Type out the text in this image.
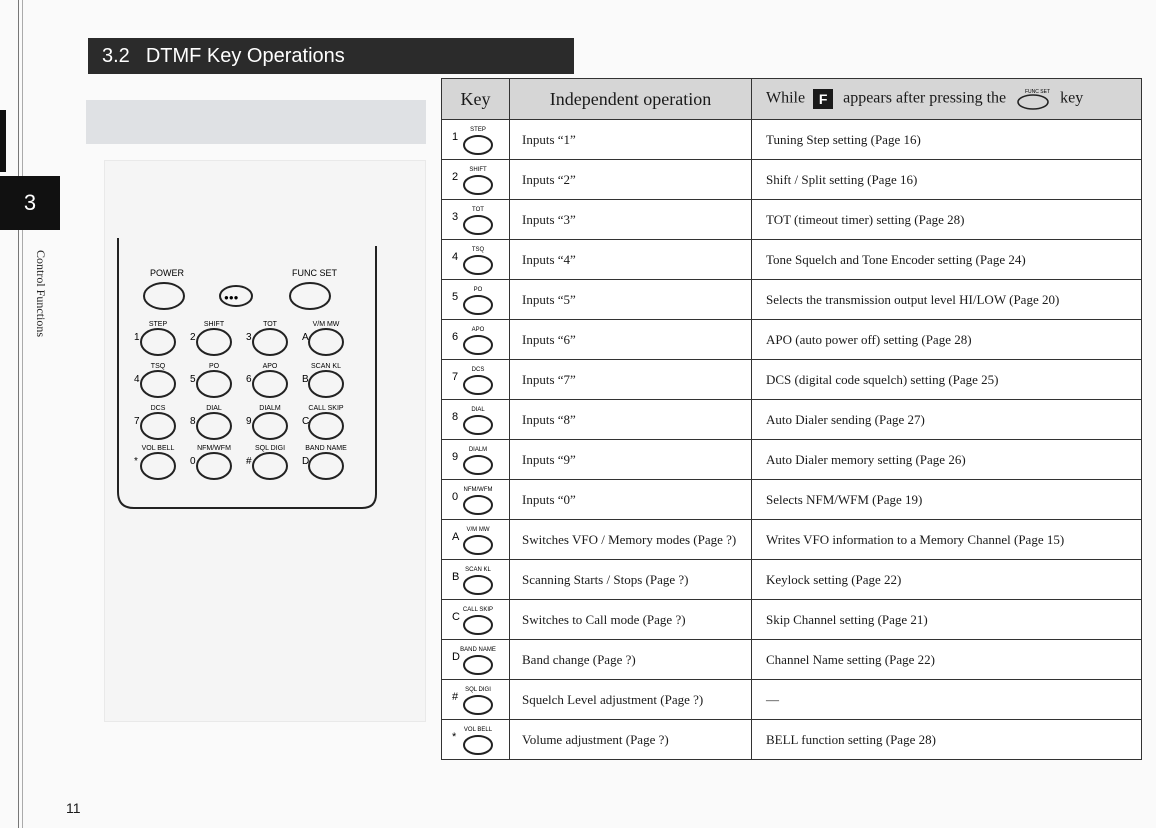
3
Control Functions
3.2 DTMF Key Operations
POWER
●●●
FUNC SET
STEP
1
SHIFT
2
TOT
3
V/M MW
A
TSQ
4
PO
5
APO
6
SCAN KL
B
DCS
7
DIAL
8
DIALM
9
CALL SKIP
C
VOL BELL
*
NFM/WFM
0
SQL DIGI
#
BAND NAME
D
11
Key	Independent operation	While F appears after pressing the FUNC SET key

1
STEP	Inputs “1”	Tuning Step setting (Page 16)

2
SHIFT	Inputs “2”	Shift / Split setting (Page 16)

3
TOT	Inputs “3”	TOT (timeout timer) setting (Page 28)

4
TSQ	Inputs “4”	Tone Squelch and Tone Encoder setting (Page 24)

5
PO	Inputs “5”	Selects the transmission output level HI/LOW (Page 20)

6
APO	Inputs “6”	APO (auto power off) setting (Page 28)

7
DCS	Inputs “7”	DCS (digital code squelch) setting (Page 25)

8
DIAL	Inputs “8”	Auto Dialer sending (Page 27)

9
DIALM	Inputs “9”	Auto Dialer memory setting (Page 26)

0
NFM/WFM	Inputs “0”	Selects NFM/WFM (Page 19)

A
V/M MW	Switches VFO / Memory modes (Page ?)	Writes VFO information to a Memory Channel (Page 15)

B
SCAN KL	Scanning Starts / Stops (Page ?)	Keylock setting (Page 22)

C
CALL SKIP	Switches to Call mode (Page ?)	Skip Channel setting (Page 21)

D
BAND NAME	Band change (Page ?)	Channel Name setting (Page 22)

#
SQL DIGI	Squelch Level adjustment (Page ?)	—

*
VOL BELL	Volume adjustment (Page ?)	BELL function setting (Page 28)
